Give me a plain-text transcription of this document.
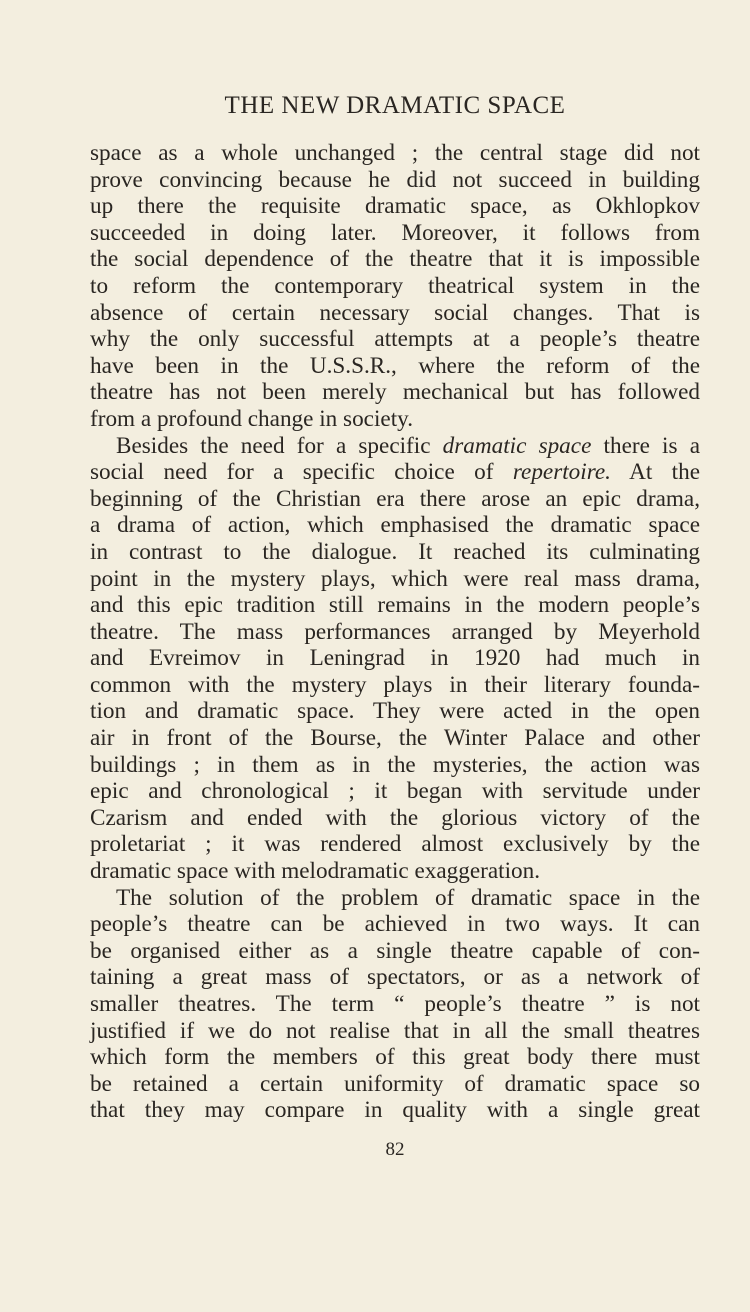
THE NEW DRAMATIC SPACE
space as a whole unchanged ; the central stage did not
prove convincing because he did not succeed in building
up there the requisite dramatic space, as Okhlopkov
succeeded in doing later. Moreover, it follows from
the social dependence of the theatre that it is impossible
to reform the contemporary theatrical system in the
absence of certain necessary social changes. That is
why the only successful attempts at a people’s theatre
have been in the U.S.S.R., where the reform of the
theatre has not been merely mechanical but has followed
from a profound change in society.
Besides the need for a specific dramatic space there is a
social need for a specific choice of repertoire. At the
beginning of the Christian era there arose an epic drama,
a drama of action, which emphasised the dramatic space
in contrast to the dialogue. It reached its culminating
point in the mystery plays, which were real mass drama,
and this epic tradition still remains in the modern people’s
theatre. The mass performances arranged by Meyerhold
and Evreimov in Leningrad in 1920 had much in
common with the mystery plays in their literary founda-
tion and dramatic space. They were acted in the open
air in front of the Bourse, the Winter Palace and other
buildings ; in them as in the mysteries, the action was
epic and chronological ; it began with servitude under
Czarism and ended with the glorious victory of the
proletariat ; it was rendered almost exclusively by the
dramatic space with melodramatic exaggeration.
The solution of the problem of dramatic space in the
people’s theatre can be achieved in two ways. It can
be organised either as a single theatre capable of con-
taining a great mass of spectators, or as a network of
smaller theatres. The term “ people’s theatre ” is not
justified if we do not realise that in all the small theatres
which form the members of this great body there must
be retained a certain uniformity of dramatic space so
that they may compare in quality with a single great
82
